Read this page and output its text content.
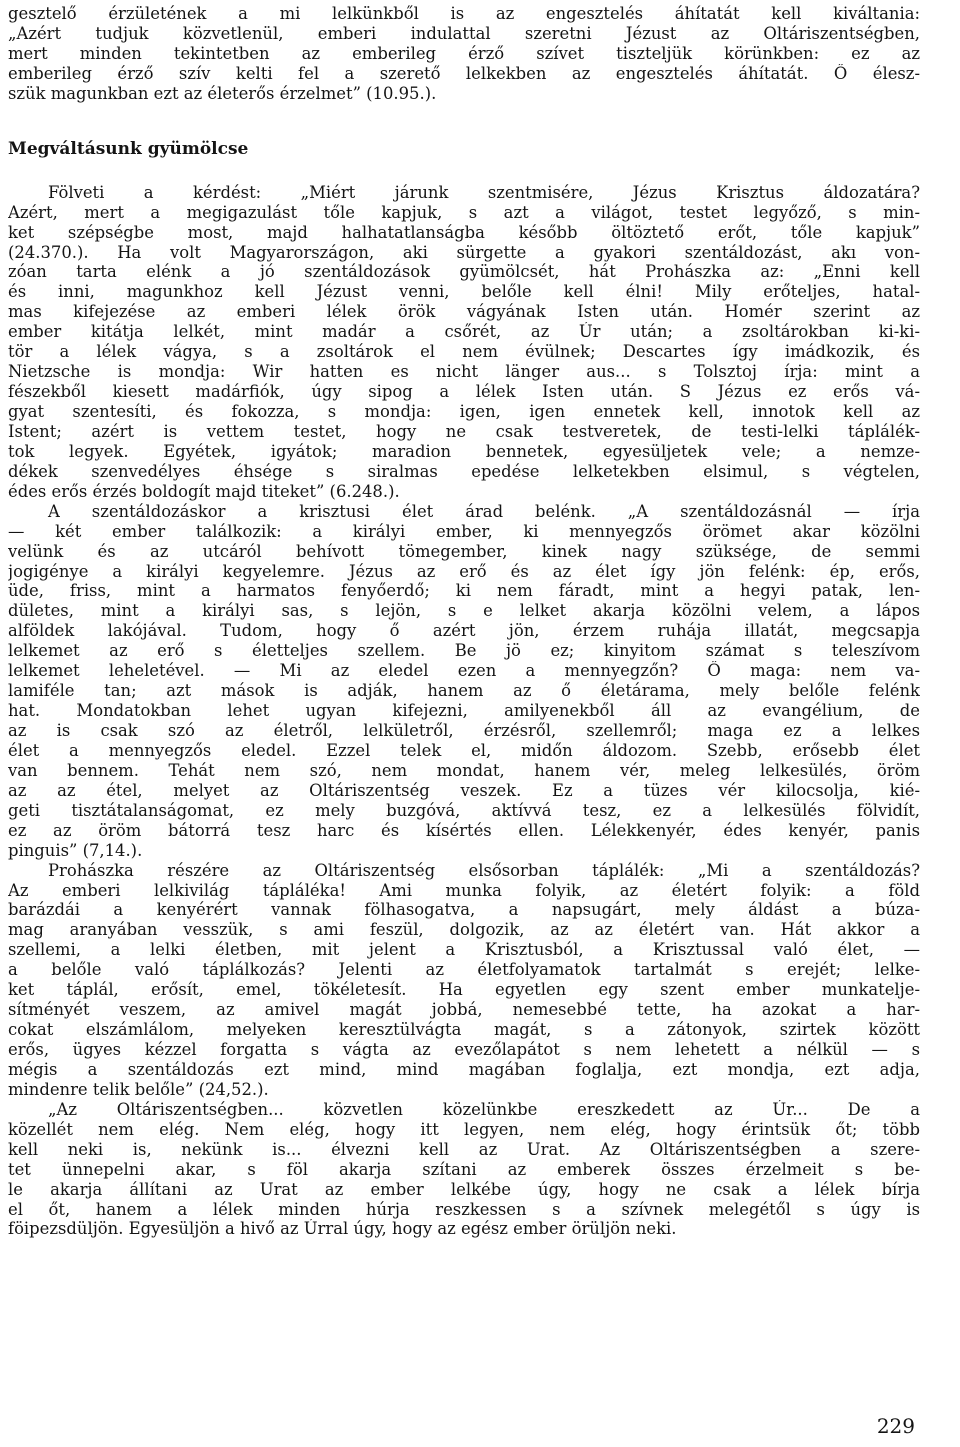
gesztelő érzületének a mi lelkünkből is az engesztelés áhítatát kell kiváltania:
„Azért tudjuk közvetlenül, emberi indulattal szeretni Jézust az Oltáriszentségben,
mert minden tekintetben az emberileg érző szívet tiszteljük körünkben: ez az
emberileg érző szív kelti fel a szerető lelkekben az engesztelés áhítatát. Ő élesz-
szük magunkban ezt az életerős érzelmet” (10.95.).
Megváltásunk gyümölcse
Fölveti a kérdést: „Miért járunk szentmisére, Jézus Krisztus áldozatára?
Azért, mert a megigazulást tőle kapjuk, s azt a világot, testet legyőző, s min-
ket szépségbe most, majd halhatatlanságba később öltöztető erőt, tőle kapjuk”
(24.370.). Ha volt Magyarországon, aki sürgette a gyakori szentáldozást, akı von-
zóan tarta elénk a jó szentáldozások gyümölcsét, hát Prohászka az: „Enni kell
és inni, magunkhoz kell Jézust venni, belőle kell élni! Mily erőteljes, hatal-
mas kifejezése az emberi lélek örök vágyának Isten után. Homér szerint az
ember kitátja lelkét, mint madár a csőrét, az Úr után; a zsoltárokban ki-ki-
tör a lélek vágya, s a zsoltárok el nem évülnek; Descartes így imádkozik, és
Nietzsche is mondja: Wir hatten es nicht länger aus... s Tolsztoj írja: mint a
fészekből kiesett madárfiók, úgy sipog a lélek Isten után. S Jézus ez erős vá-
gyat szentesíti, és fokozza, s mondja: igen, igen ennetek kell, innotok kell az
Istent; azért is vettem testet, hogy ne csak testveretek, de testi-lelki táplálék-
tok legyek. Egyétek, igyátok; maradion bennetek, egyesüljetek vele; a nemze-
dékek szenvedélyes éhsége s siralmas epedése lelketekben elsimul, s végtelen,
édes erős érzés boldogít majd titeket” (6.248.).
A szentáldozáskor a krisztusi élet árad belénk. „A szentáldozásnál — írja
— két ember találkozik: a királyi ember, ki mennyegzős örömet akar közölni
velünk és az utcáról behívott tömegember, kinek nagy szüksége, de semmi
jogigénye a királyi kegyelemre. Jézus az erő és az élet így jön felénk: ép, erős,
üde, friss, mint a harmatos fenyőerdő; ki nem fáradt, mint a hegyi patak, len-
dületes, mint a királyi sas, s lejön, s e lelket akarja közölni velem, a lápos
alföldek lakójával. Tudom, hogy ő azért jön, érzem ruhája illatát, megcsapja
lelkemet az erő s életteljes szellem. Be jö ez; kinyitom számat s teleszívom
lelkemet leheletével. — Mi az eledel ezen a mennyegzőn? Ő maga: nem va-
lamiféle tan; azt mások is adják, hanem az ő életárama, mely belőle felénk
hat. Mondatokban lehet ugyan kifejezni, amilyenekből áll az evangélium, de
az is csak szó az életről, lelkületről, érzésről, szellemről; maga ez a lelkes
élet a mennyegzős eledel. Ezzel telek el, midőn áldozom. Szebb, erősebb élet
van bennem. Tehát nem szó, nem mondat, hanem vér, meleg lelkesülés, öröm
az az étel, melyet az Oltáriszentség veszek. Ez a tüzes vér kilocsolja, kié-
geti tisztátalanságomat, ez mely buzgóvá, aktívvá tesz, ez a lelkesülés fölvidít,
ez az öröm bátorrá tesz harc és kísértés ellen. Lélekkenyér, édes kenyér, panis
pinguis” (7,14.).
Prohászka részére az Oltáriszentség elsősorban táplálék: „Mi a szentáldozás?
Az emberi lelkivilág tápláléka! Ami munka folyik, az életért folyik: a föld
barázdái a kenyérért vannak fölhasogatva, a napsugárt, mely áldást a búza-
mag aranyában vesszük, s ami feszül, dolgozik, az az életért van. Hát akkor a
szellemi, a lelki életben, mit jelent a Krisztusból, a Krisztussal való élet, —
a belőle való táplálkozás? Jelenti az életfolyamatok tartalmát s erejét; lelke-
ket táplál, erősít, emel, tökéletesít. Ha egyetlen egy szent ember munkatelje-
sítményét veszem, az amivel magát jobbá, nemesebbé tette, ha azokat a har-
cokat elszámlálom, melyeken keresztülvágta magát, s a zátonyok, szirtek között
erős, ügyes kézzel forgatta s vágta az evezőlapátot s nem lehetett a nélkül — s
mégis a szentáldozás ezt mind, mind magában foglalja, ezt mondja, ezt adja,
mindenre telik belőle” (24,52.).
„Az Oltáriszentségben... közvetlen közelünkbe ereszkedett az Úr... De a
közellét nem elég. Nem elég, hogy itt legyen, nem elég, hogy érintsük őt; több
kell neki is, nekünk is... élvezni kell az Urat. Az Oltáriszentségben a szere-
tet ünnepelni akar, s föl akarja szítani az emberek összes érzelmeit s be-
le akarja állítani az Urat az ember lelkébe úgy, hogy ne csak a lélek bírja
el őt, hanem a lélek minden húrja reszkessen s a szívnek melegétől s úgy is
föipezsdüljön. Egyesüljön a hivő az Úrral úgy, hogy az egész ember örüljön neki.
229
